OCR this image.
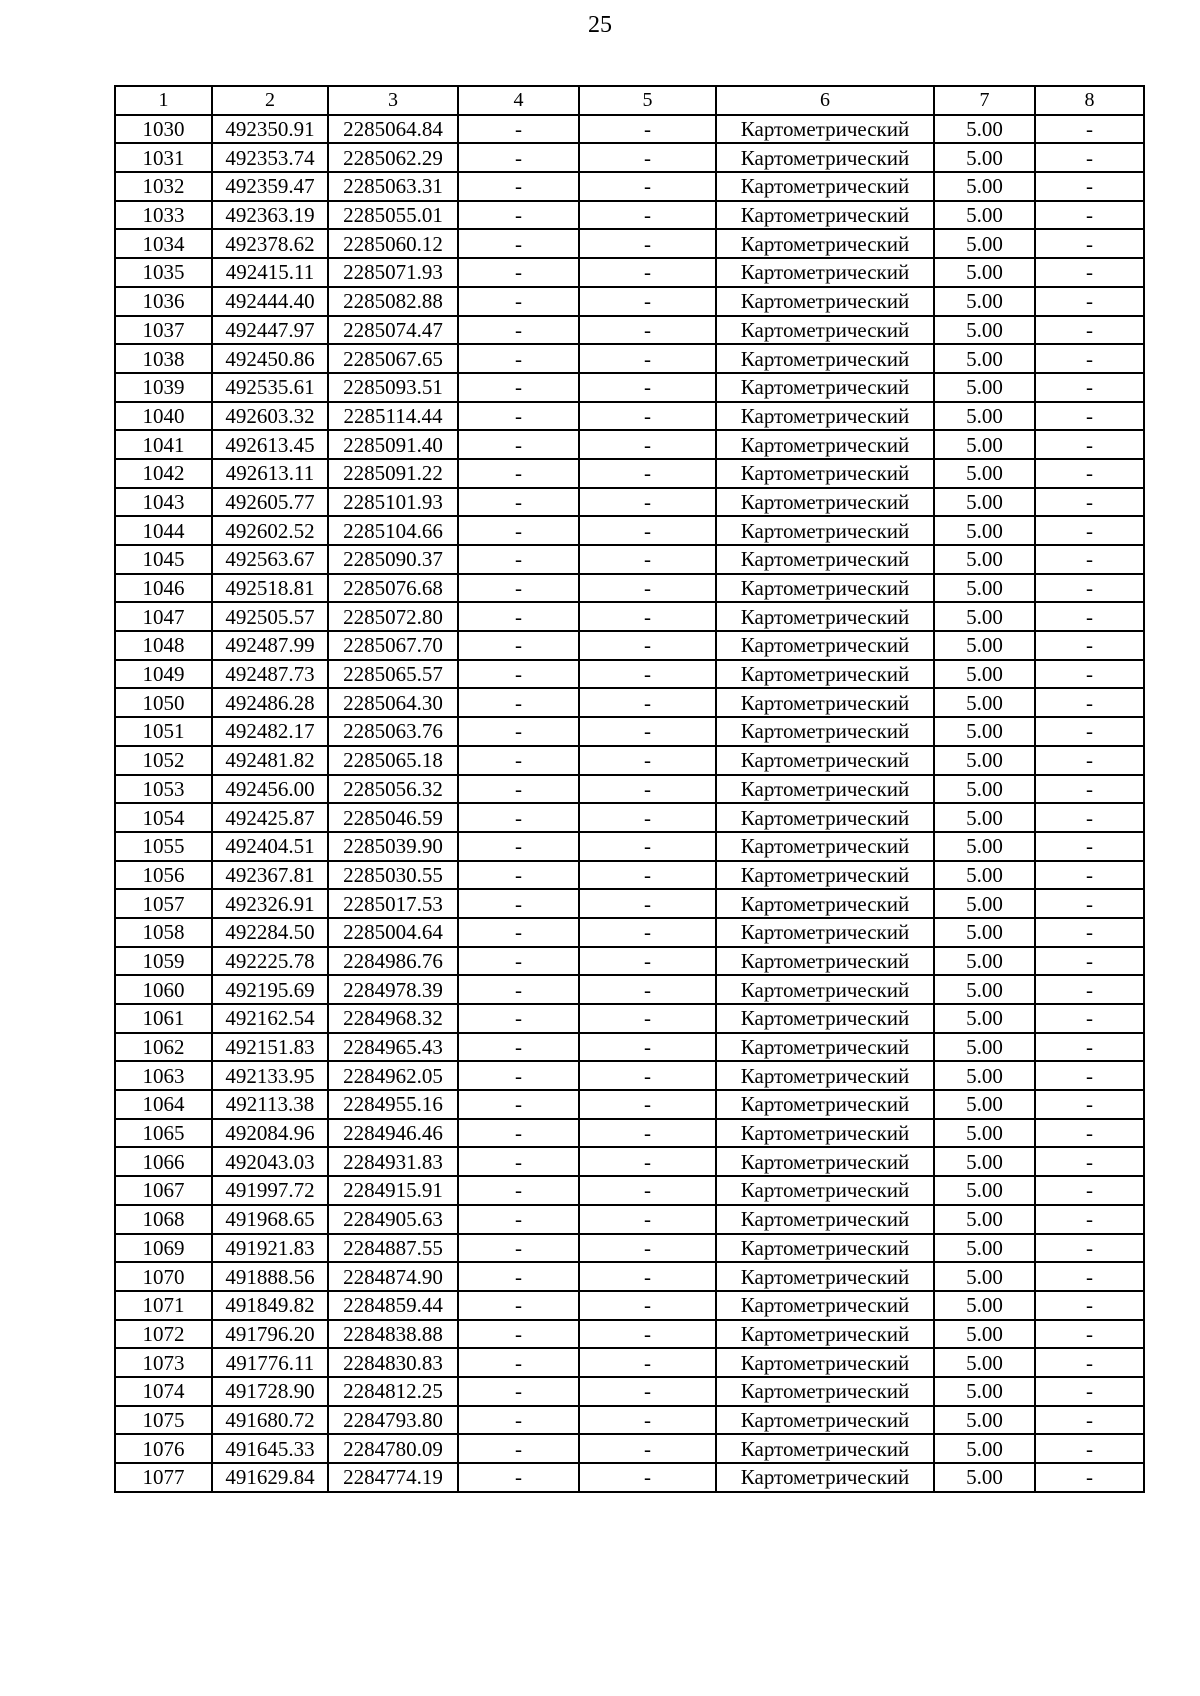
25
1	2	3	4	5	6	7	8
1030	492350.91	2285064.84	-	-	Картометрический	5.00	-
1031	492353.74	2285062.29	-	-	Картометрический	5.00	-
1032	492359.47	2285063.31	-	-	Картометрический	5.00	-
1033	492363.19	2285055.01	-	-	Картометрический	5.00	-
1034	492378.62	2285060.12	-	-	Картометрический	5.00	-
1035	492415.11	2285071.93	-	-	Картометрический	5.00	-
1036	492444.40	2285082.88	-	-	Картометрический	5.00	-
1037	492447.97	2285074.47	-	-	Картометрический	5.00	-
1038	492450.86	2285067.65	-	-	Картометрический	5.00	-
1039	492535.61	2285093.51	-	-	Картометрический	5.00	-
1040	492603.32	2285114.44	-	-	Картометрический	5.00	-
1041	492613.45	2285091.40	-	-	Картометрический	5.00	-
1042	492613.11	2285091.22	-	-	Картометрический	5.00	-
1043	492605.77	2285101.93	-	-	Картометрический	5.00	-
1044	492602.52	2285104.66	-	-	Картометрический	5.00	-
1045	492563.67	2285090.37	-	-	Картометрический	5.00	-
1046	492518.81	2285076.68	-	-	Картометрический	5.00	-
1047	492505.57	2285072.80	-	-	Картометрический	5.00	-
1048	492487.99	2285067.70	-	-	Картометрический	5.00	-
1049	492487.73	2285065.57	-	-	Картометрический	5.00	-
1050	492486.28	2285064.30	-	-	Картометрический	5.00	-
1051	492482.17	2285063.76	-	-	Картометрический	5.00	-
1052	492481.82	2285065.18	-	-	Картометрический	5.00	-
1053	492456.00	2285056.32	-	-	Картометрический	5.00	-
1054	492425.87	2285046.59	-	-	Картометрический	5.00	-
1055	492404.51	2285039.90	-	-	Картометрический	5.00	-
1056	492367.81	2285030.55	-	-	Картометрический	5.00	-
1057	492326.91	2285017.53	-	-	Картометрический	5.00	-
1058	492284.50	2285004.64	-	-	Картометрический	5.00	-
1059	492225.78	2284986.76	-	-	Картометрический	5.00	-
1060	492195.69	2284978.39	-	-	Картометрический	5.00	-
1061	492162.54	2284968.32	-	-	Картометрический	5.00	-
1062	492151.83	2284965.43	-	-	Картометрический	5.00	-
1063	492133.95	2284962.05	-	-	Картометрический	5.00	-
1064	492113.38	2284955.16	-	-	Картометрический	5.00	-
1065	492084.96	2284946.46	-	-	Картометрический	5.00	-
1066	492043.03	2284931.83	-	-	Картометрический	5.00	-
1067	491997.72	2284915.91	-	-	Картометрический	5.00	-
1068	491968.65	2284905.63	-	-	Картометрический	5.00	-
1069	491921.83	2284887.55	-	-	Картометрический	5.00	-
1070	491888.56	2284874.90	-	-	Картометрический	5.00	-
1071	491849.82	2284859.44	-	-	Картометрический	5.00	-
1072	491796.20	2284838.88	-	-	Картометрический	5.00	-
1073	491776.11	2284830.83	-	-	Картометрический	5.00	-
1074	491728.90	2284812.25	-	-	Картометрический	5.00	-
1075	491680.72	2284793.80	-	-	Картометрический	5.00	-
1076	491645.33	2284780.09	-	-	Картометрический	5.00	-
1077	491629.84	2284774.19	-	-	Картометрический	5.00	-
